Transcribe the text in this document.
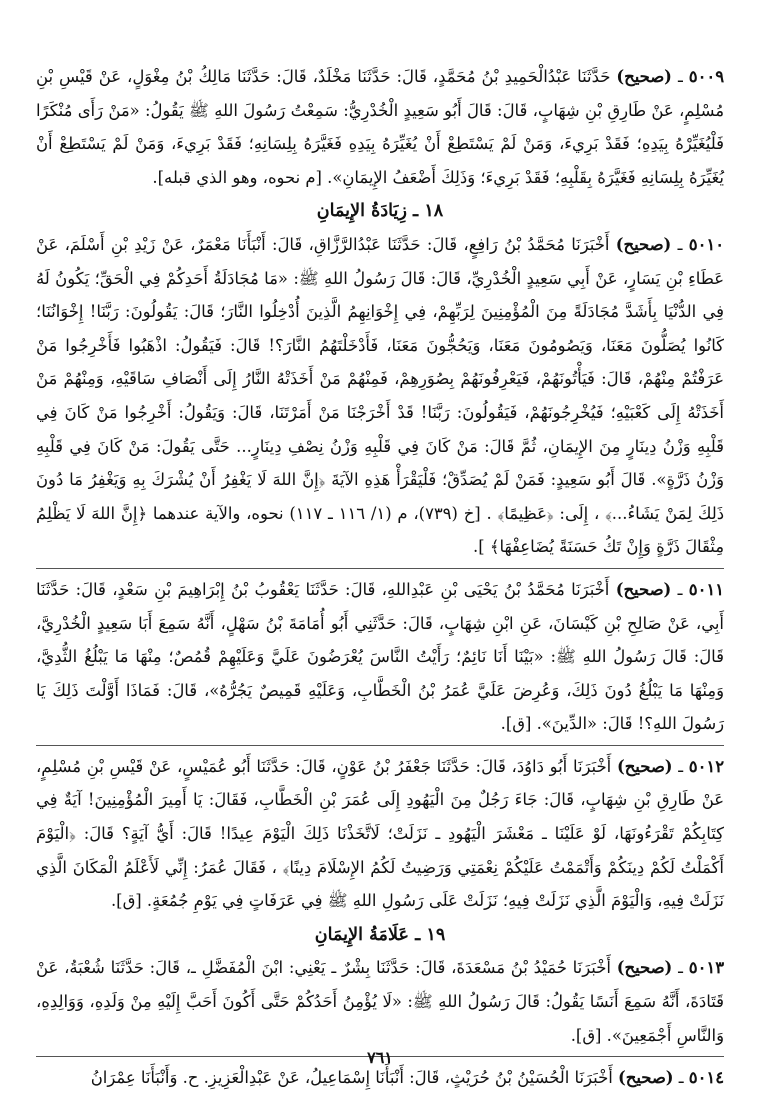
٥٠٠٩ ـ (صحيح) حَدَّثَنَا عَبْدُالْحَمِيدِ بْنُ مُحَمَّدٍ، قَالَ: حَدَّثَنَا مَخْلَدٌ، قَالَ: حَدَّثَنَا مَالِكُ بْنُ مِغْوَلٍ، عَنْ قَيْسِ بْنِ مُسْلِمٍ، عَنْ طَارِقِ بْنِ شِهَابٍ، قَالَ: قَالَ أَبُو سَعِيدٍ الْخُدْرِيُّ: سَمِعْتُ رَسُولَ اللهِ ﷺ يَقُولُ: «مَنْ رَأَى مُنْكَرًا فَلْيُغَيِّرْهُ بِيَدِهِ؛ فَقَدْ بَرِيءَ، وَمَنْ لَمْ يَسْتَطِعْ أَنْ يُغَيِّرَهُ بِيَدِهِ فَغَيَّرَهُ بِلِسَانِهِ؛ فَقَدْ بَرِيءَ، وَمَنْ لَمْ يَسْتَطِعْ أَنْ يُغَيِّرَهُ بِلِسَانِهِ فَغَيَّرَهُ بِقَلْبِهِ؛ فَقَدْ بَرِيءَ؛ وَذَلِكَ أَضْعَفُ الإِيمَانِ». [م نحوه، وهو الذي قبله].

١٨ ـ زِيَادَةُ الإِيمَانِ

٥٠١٠ ـ (صحيح) أَخْبَرَنَا مُحَمَّدُ بْنُ رَافِعٍ، قَالَ: حَدَّثَنَا عَبْدُالرَّزَّاقِ، قَالَ: أَنْبَأَنَا مَعْمَرٌ، عَنْ زَيْدِ بْنِ أَسْلَمَ، عَنْ عَطَاءِ بْنِ يَسَارٍ، عَنْ أَبِي سَعِيدٍ الْخُدْرِيِّ، قَالَ: قَالَ رَسُولُ اللهِ ﷺ: «مَا مُجَادَلَةُ أَحَدِكُمْ فِي الْحَقِّ؛ يَكُونُ لَهُ فِي الدُّنْيَا بِأَشَدَّ مُجَادَلَةً مِنَ الْمُؤْمِنِينَ لِرَبِّهِمْ، فِي إِخْوَانِهِمُ الَّذِينَ أُدْخِلُوا النَّارَ؛ قَالَ: يَقُولُونَ: رَبَّنَا! إِخْوَانُنَا؛ كَانُوا يُصَلُّونَ مَعَنَا، وَيَصُومُونَ مَعَنَا، وَيَحُجُّونَ مَعَنَا، فَأَدْخَلْتَهُمُ النَّارَ؟! قَالَ: فَيَقُولُ: اذْهَبُوا فَأَخْرِجُوا مَنْ عَرَفْتُمْ مِنْهُمْ، قَالَ: فَيَأْتُونَهُمْ، فَيَعْرِفُونَهُمْ بِصُوَرِهِمْ، فَمِنْهُمْ مَنْ أَخَذَتْهُ النَّارُ إِلَى أَنْصَافِ سَاقَيْهِ، وَمِنْهُمْ مَنْ أَخَذَتْهُ إِلَى كَعْبَيْهِ؛ فَيُخْرِجُونَهُمْ، فَيَقُولُونَ: رَبَّنَا! قَدْ أَخْرَجْنَا مَنْ أَمَرْتَنَا، قَالَ: وَيَقُولُ: أَخْرِجُوا مَنْ كَانَ فِي قَلْبِهِ وَزْنُ دِينَارٍ مِنَ الإِيمَانِ، ثُمَّ قَالَ: مَنْ كَانَ فِي قَلْبِهِ وَزْنُ نِصْفِ دِينَارٍ... حَتَّى يَقُولَ: مَنْ كَانَ فِي قَلْبِهِ وَزْنُ ذَرَّةٍ». قَالَ أَبُو سَعِيدٍ: فَمَنْ لَمْ يُصَدِّقْ؛ فَلْيَقْرَأْ هَذِهِ الآيَةَ ﴿إِنَّ اللهَ لَا يَغْفِرُ أَنْ يُشْرَكَ بِهِ وَيَغْفِرُ مَا دُونَ ذَلِكَ لِمَنْ يَشَاءُ...﴾ ، إِلَى: ﴿عَظِيمًا﴾ . [خ (٧٣٩)، م (١/ ١١٦ ـ ١١٧) نحوه، والآية عندهما ﴿إِنَّ اللهَ لَا يَظْلِمُ مِثْقَالَ ذَرَّةٍ وَإِنْ تَكُ حَسَنَةً يُضَاعِفْهَا﴾ ].

٥٠١١ ـ (صحيح) أَخْبَرَنَا مُحَمَّدُ بْنُ يَحْيَى بْنِ عَبْدِاللهِ، قَالَ: حَدَّثَنَا يَعْقُوبُ بْنُ إِبْرَاهِيمَ بْنِ سَعْدٍ، قَالَ: حَدَّثَنَا أَبِي، عَنْ صَالِحِ بْنِ كَيْسَانَ، عَنِ ابْنِ شِهَابٍ، قَالَ: حَدَّثَنِي أَبُو أُمَامَةَ بْنُ سَهْلٍ، أَنَّهُ سَمِعَ أَبَا سَعِيدٍ الْخُدْرِيَّ، قَالَ: قَالَ رَسُولُ اللهِ ﷺ: «بَيْنَا أَنَا نَائِمٌ؛ رَأَيْتُ النَّاسَ يُعْرَضُونَ عَلَيَّ وَعَلَيْهِمْ قُمُصٌ؛ مِنْهَا مَا يَبْلُغُ الثُّدِيَّ، وَمِنْهَا مَا يَبْلُغُ دُونَ ذَلِكَ، وَعُرِضَ عَلَيَّ عُمَرُ بْنُ الْخَطَّابِ، وَعَلَيْهِ قَمِيصٌ يَجُرُّهُ»، قَالَ: فَمَاذَا أَوَّلْتَ ذَلِكَ يَا رَسُولَ اللهِ؟! قَالَ: «الدِّينَ». [ق].

٥٠١٢ ـ (صحيح) أَخْبَرَنَا أَبُو دَاوُدَ، قَالَ: حَدَّثَنَا جَعْفَرُ بْنُ عَوْنٍ، قَالَ: حَدَّثَنَا أَبُو عُمَيْسٍ، عَنْ قَيْسِ بْنِ مُسْلِمٍ، عَنْ طَارِقِ بْنِ شِهَابٍ، قَالَ: جَاءَ رَجُلٌ مِنَ الْيَهُودِ إِلَى عُمَرَ بْنِ الْخَطَّابِ، فَقَالَ: يَا أَمِيرَ الْمُؤْمِنِينَ! آيَةٌ فِي كِتَابِكُمْ تَقْرَءُونَهَا، لَوْ عَلَيْنَا ـ مَعْشَرَ الْيَهُودِ ـ نَزَلَتْ؛ لَاتَّخَذْنَا ذَلِكَ الْيَوْمَ عِيدًا! قَالَ: أَيُّ آيَةٍ؟ قَالَ: ﴿الْيَوْمَ أَكْمَلْتُ لَكُمْ دِينَكُمْ وَأَتْمَمْتُ عَلَيْكُمْ نِعْمَتِي وَرَضِيتُ لَكُمُ الإِسْلَامَ دِينًا﴾ ، فَقَالَ عُمَرُ: إِنِّي لَأَعْلَمُ الْمَكَانَ الَّذِي نَزَلَتْ فِيهِ، وَالْيَوْمَ الَّذِي نَزَلَتْ فِيهِ؛ نَزَلَتْ عَلَى رَسُولِ اللهِ ﷺ فِي عَرَفَاتٍ فِي يَوْمِ جُمُعَةٍ. [ق].

١٩ ـ عَلَامَةُ الإِيمَانِ

٥٠١٣ ـ (صحيح) أَخْبَرَنَا حُمَيْدُ بْنُ مَسْعَدَةَ، قَالَ: حَدَّثَنَا بِشْرٌ ـ يَعْنِي: ابْنَ الْمُفَضَّلِ ـ، قَالَ: حَدَّثَنَا شُعْبَةُ، عَنْ قَتَادَةَ، أَنَّهُ سَمِعَ أَنَسًا يَقُولُ: قَالَ رَسُولُ اللهِ ﷺ: «لَا يُؤْمِنُ أَحَدُكُمْ حَتَّى أَكُونَ أَحَبَّ إِلَيْهِ مِنْ وَلَدِهِ، وَوَالِدِهِ، وَالنَّاسِ أَجْمَعِينَ». [ق].

٥٠١٤ ـ (صحيح) أَخْبَرَنَا الْحُسَيْنُ بْنُ حُرَيْثٍ، قَالَ: أَنْبَأَنَا إِسْمَاعِيلُ، عَنْ عَبْدِالْعَزِيزِ. ح. وَأَنْبَأَنَا عِمْرَانُ

٧٦١
